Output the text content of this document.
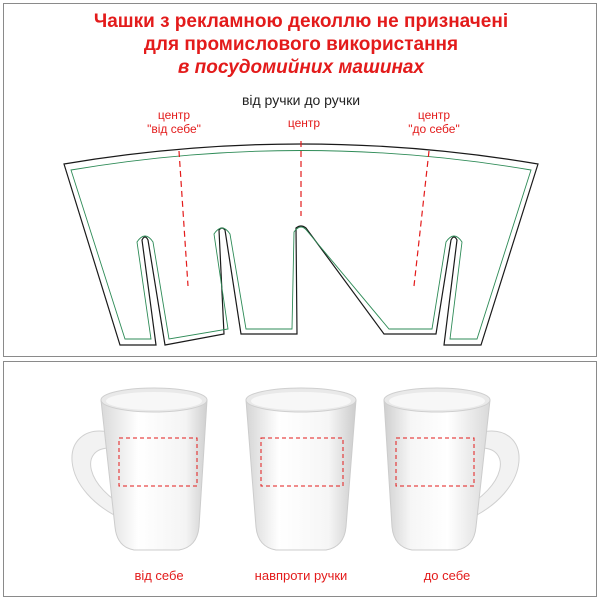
Чашки з рекламною деколлю не призначені
для промислового використання
в посудомийних машинах
від ручки до ручки
центр
"від себе"	центр
центр
"до себе"
від себе	навпроти ручки	до себе
